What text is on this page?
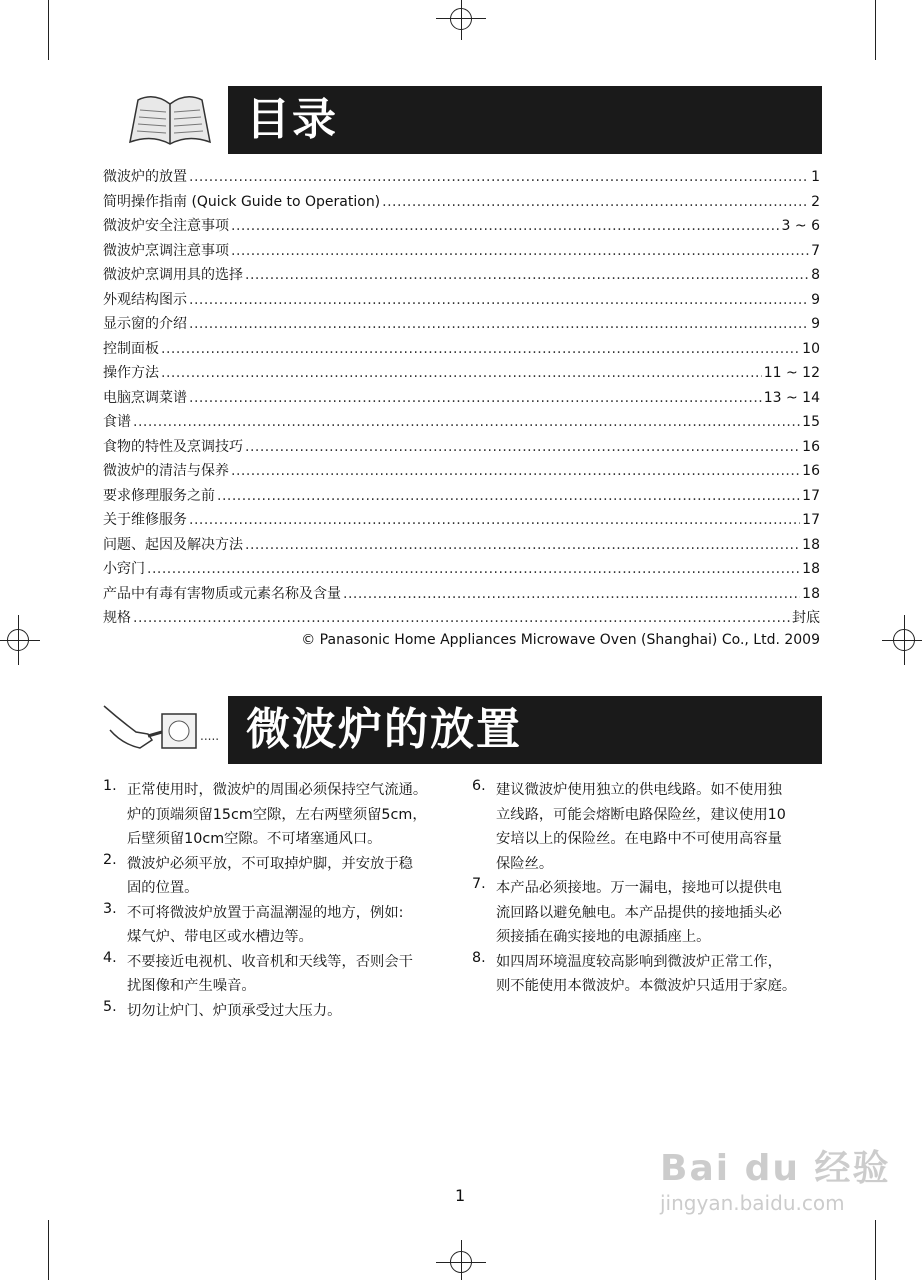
目录
微波炉的放置 .....	1
简明操作指南 (Quick Guide to Operation) .....	2
微波炉安全注意事项 .....	3 ~ 6
微波炉烹调注意事项 .....	7
微波炉烹调用具的选择 .....	8
外观结构图示 .....	9
显示窗的介绍 .....	9
控制面板 .....	10
操作方法 .....	11 ~ 12
电脑烹调菜谱 .....	13 ~ 14
食谱 .....	15
食物的特性及烹调技巧 .....	16
微波炉的清洁与保养 .....	16
要求修理服务之前 .....	17
关于维修服务 .....	17
问题、起因及解决方法 .....	18
小窍门 .....	18
产品中有毒有害物质或元素名称及含量 .....	18
规格 .....	封底
© Panasonic Home Appliances Microwave Oven (Shanghai) Co., Ltd. 2009
..... 微波炉的放置
1. 正常使用时，微波炉的周围必须保持空气流通。
炉的顶端须留15cm空隙，左右两壁须留5cm，
后壁须留10cm空隙。不可堵塞通风口。
2. 微波炉必须平放，不可取掉炉脚，并安放于稳
固的位置。
3. 不可将微波炉放置于高温潮湿的地方，例如:
煤气炉、带电区或水槽边等。
4. 不要接近电视机、收音机和天线等，否则会干
扰图像和产生噪音。
5. 切勿让炉门、炉顶承受过大压力。
6. 建议微波炉使用独立的供电线路。如不使用独
立线路，可能会熔断电路保险丝，建议使用10
安培以上的保险丝。在电路中不可使用高容量
保险丝。
7. 本产品必须接地。万一漏电，接地可以提供电
流回路以避免触电。本产品提供的接地插头必
须接插在确实接地的电源插座上。
8. 如四周环境温度较高影响到微波炉正常工作，
则不能使用本微波炉。本微波炉只适用于家庭。
1
Bai du 经验
jingyan.baidu.com
